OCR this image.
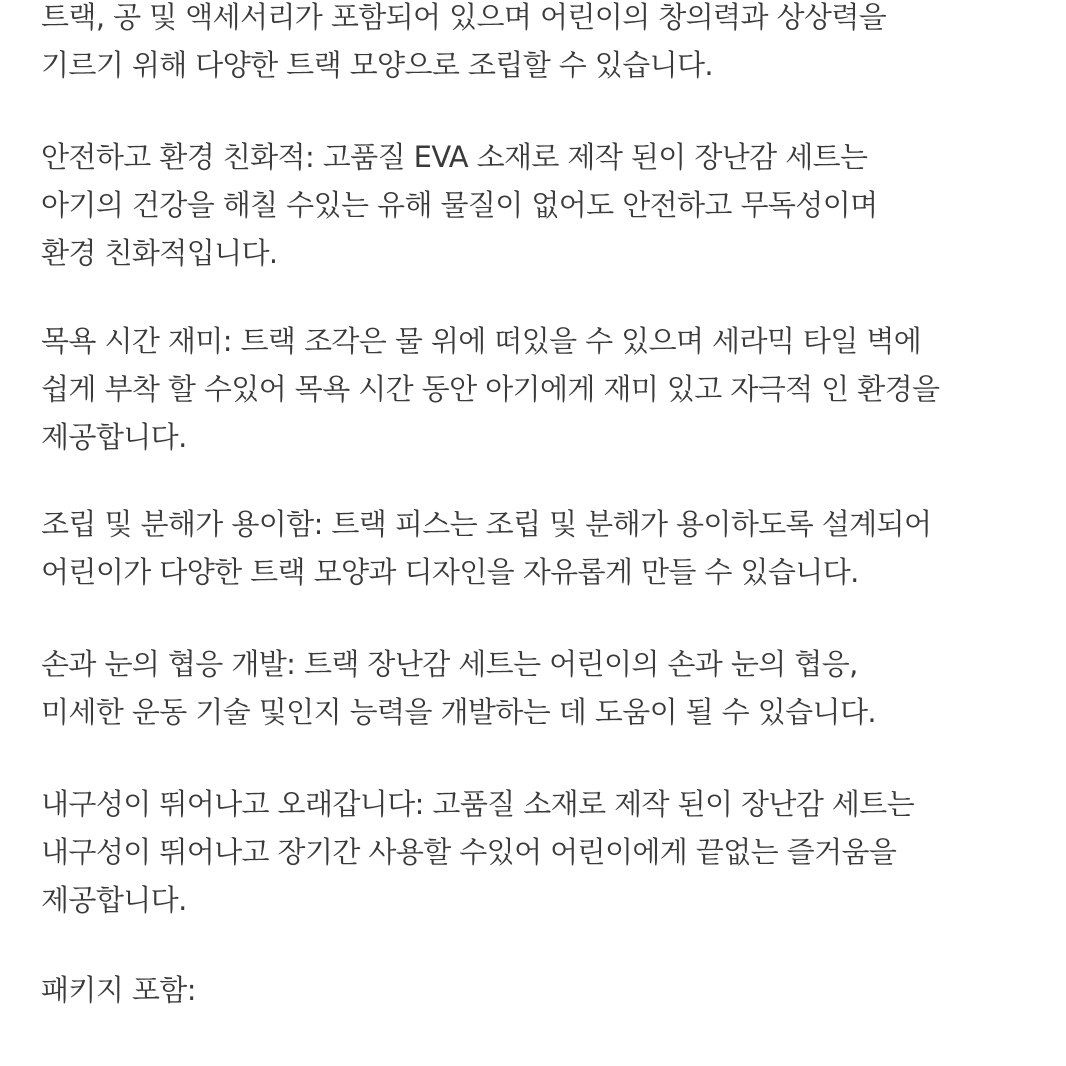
트랙, 공 및 액세서리가 포함되어 있으며 어린이의 창의력과 상상력을
기르기 위해 다양한 트랙 모양으로 조립할 수 있습니다.
안전하고 환경 친화적: 고품질 EVA 소재로 제작 된이 장난감 세트는
아기의 건강을 해칠 수있는 유해 물질이 없어도 안전하고 무독성이며
환경 친화적입니다.
목욕 시간 재미: 트랙 조각은 물 위에 떠있을 수 있으며 세라믹 타일 벽에
쉽게 부착 할 수있어 목욕 시간 동안 아기에게 재미 있고 자극적 인 환경을
제공합니다.
조립 및 분해가 용이함: 트랙 피스는 조립 및 분해가 용이하도록 설계되어
어린이가 다양한 트랙 모양과 디자인을 자유롭게 만들 수 있습니다.
손과 눈의 협응 개발: 트랙 장난감 세트는 어린이의 손과 눈의 협응,
미세한 운동 기술 및인지 능력을 개발하는 데 도움이 될 수 있습니다.
내구성이 뛰어나고 오래갑니다: 고품질 소재로 제작 된이 장난감 세트는
내구성이 뛰어나고 장기간 사용할 수있어 어린이에게 끝없는 즐거움을
제공합니다.
패키지 포함:
